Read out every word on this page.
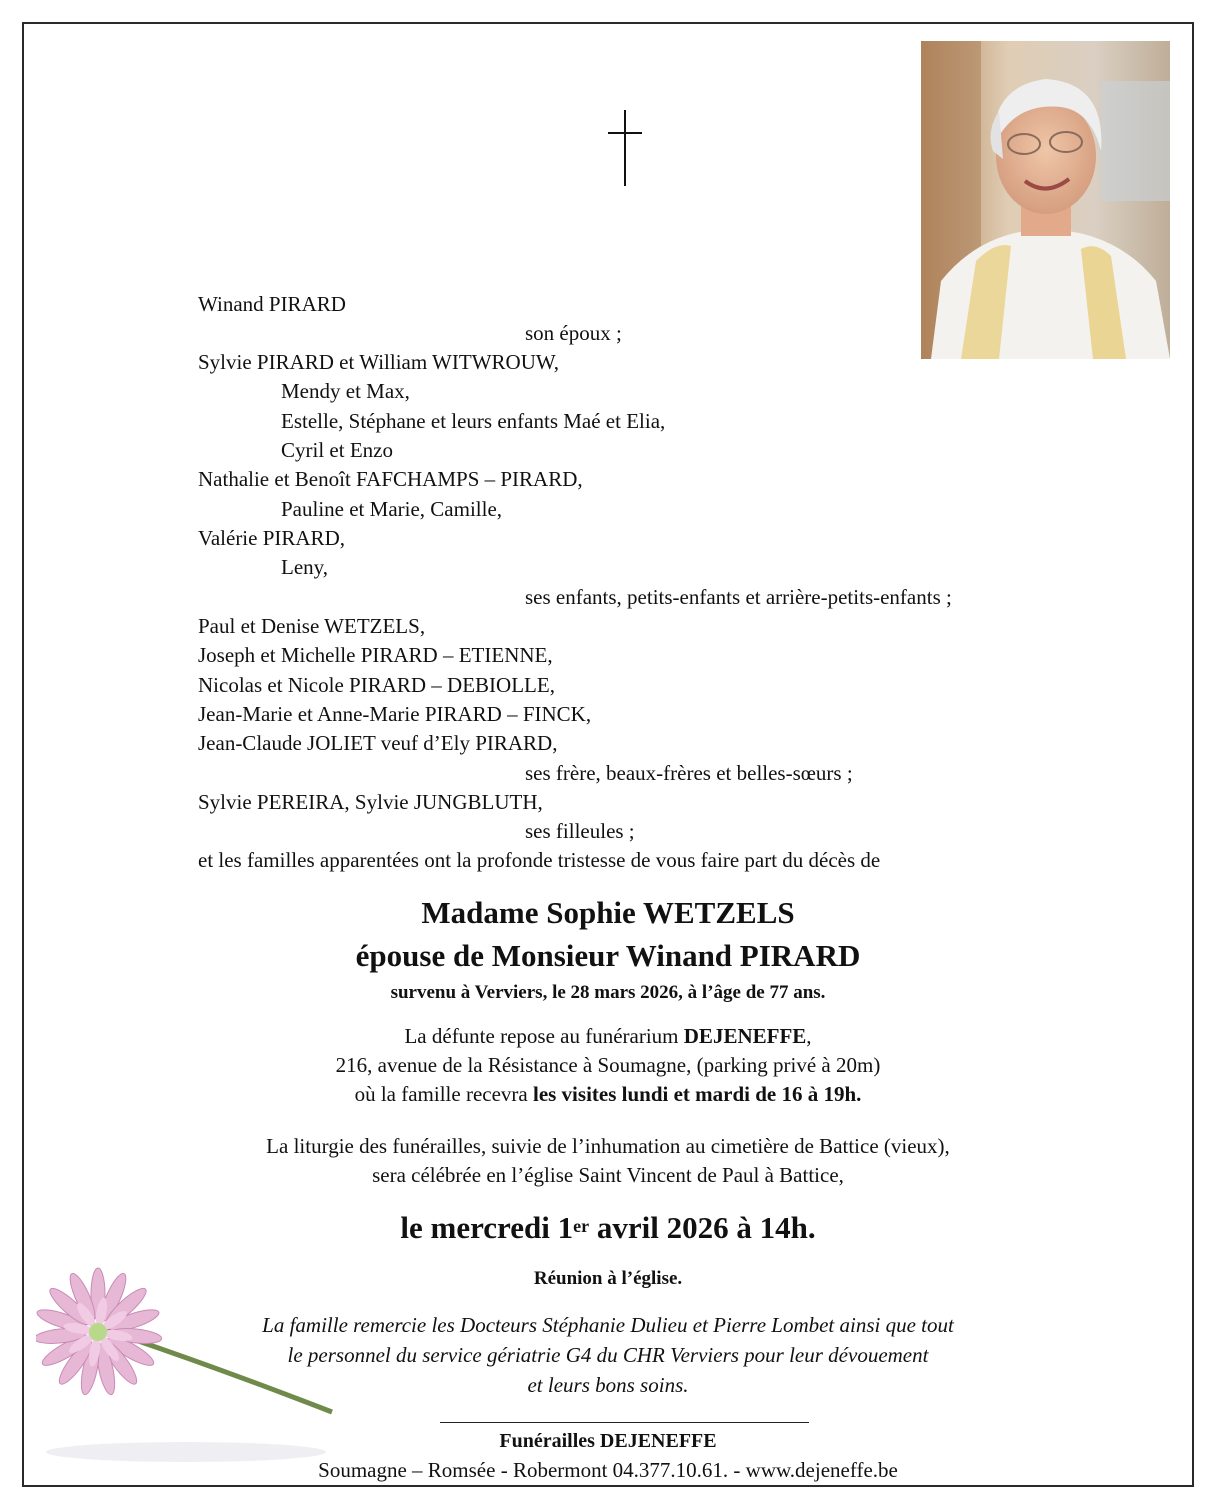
Winand PIRARD
son époux ;
Sylvie PIRARD et William WITWROUW,
Mendy et Max,
Estelle, Stéphane et leurs enfants Maé et Elia,
Cyril et Enzo
Nathalie et Benoît FAFCHAMPS – PIRARD,
Pauline et Marie, Camille,
Valérie PIRARD,
Leny,
ses enfants, petits-enfants et arrière-petits-enfants ;
Paul et Denise WETZELS,
Joseph et Michelle PIRARD – ETIENNE,
Nicolas et Nicole PIRARD – DEBIOLLE,
Jean-Marie et Anne-Marie PIRARD – FINCK,
Jean-Claude JOLIET veuf d’Ely PIRARD,
ses frère, beaux-frères et belles-sœurs ;
Sylvie PEREIRA, Sylvie JUNGBLUTH,
ses filleules ;
et les familles apparentées ont la profonde tristesse de vous faire part du décès de
Madame Sophie WETZELS
épouse de Monsieur Winand PIRARD
survenu à Verviers, le 28 mars 2026, à l’âge de 77 ans.
La défunte repose au funérarium DEJENEFFE,
216, avenue de la Résistance à Soumagne, (parking privé à 20m)
où la famille recevra les visites lundi et mardi de 16 à 19h.
La liturgie des funérailles, suivie de l’inhumation au cimetière de Battice (vieux),
sera célébrée en l’église Saint Vincent de Paul à Battice,
le mercredi 1er avril 2026 à 14h.
Réunion à l’église.
La famille remercie les Docteurs Stéphanie Dulieu et Pierre Lombet ainsi que tout
le personnel du service gériatrie G4 du CHR Verviers pour leur dévouement
et leurs bons soins.
Funérailles DEJENEFFE
Soumagne – Romsée - Robermont 04.377.10.61. - www.dejeneffe.be
